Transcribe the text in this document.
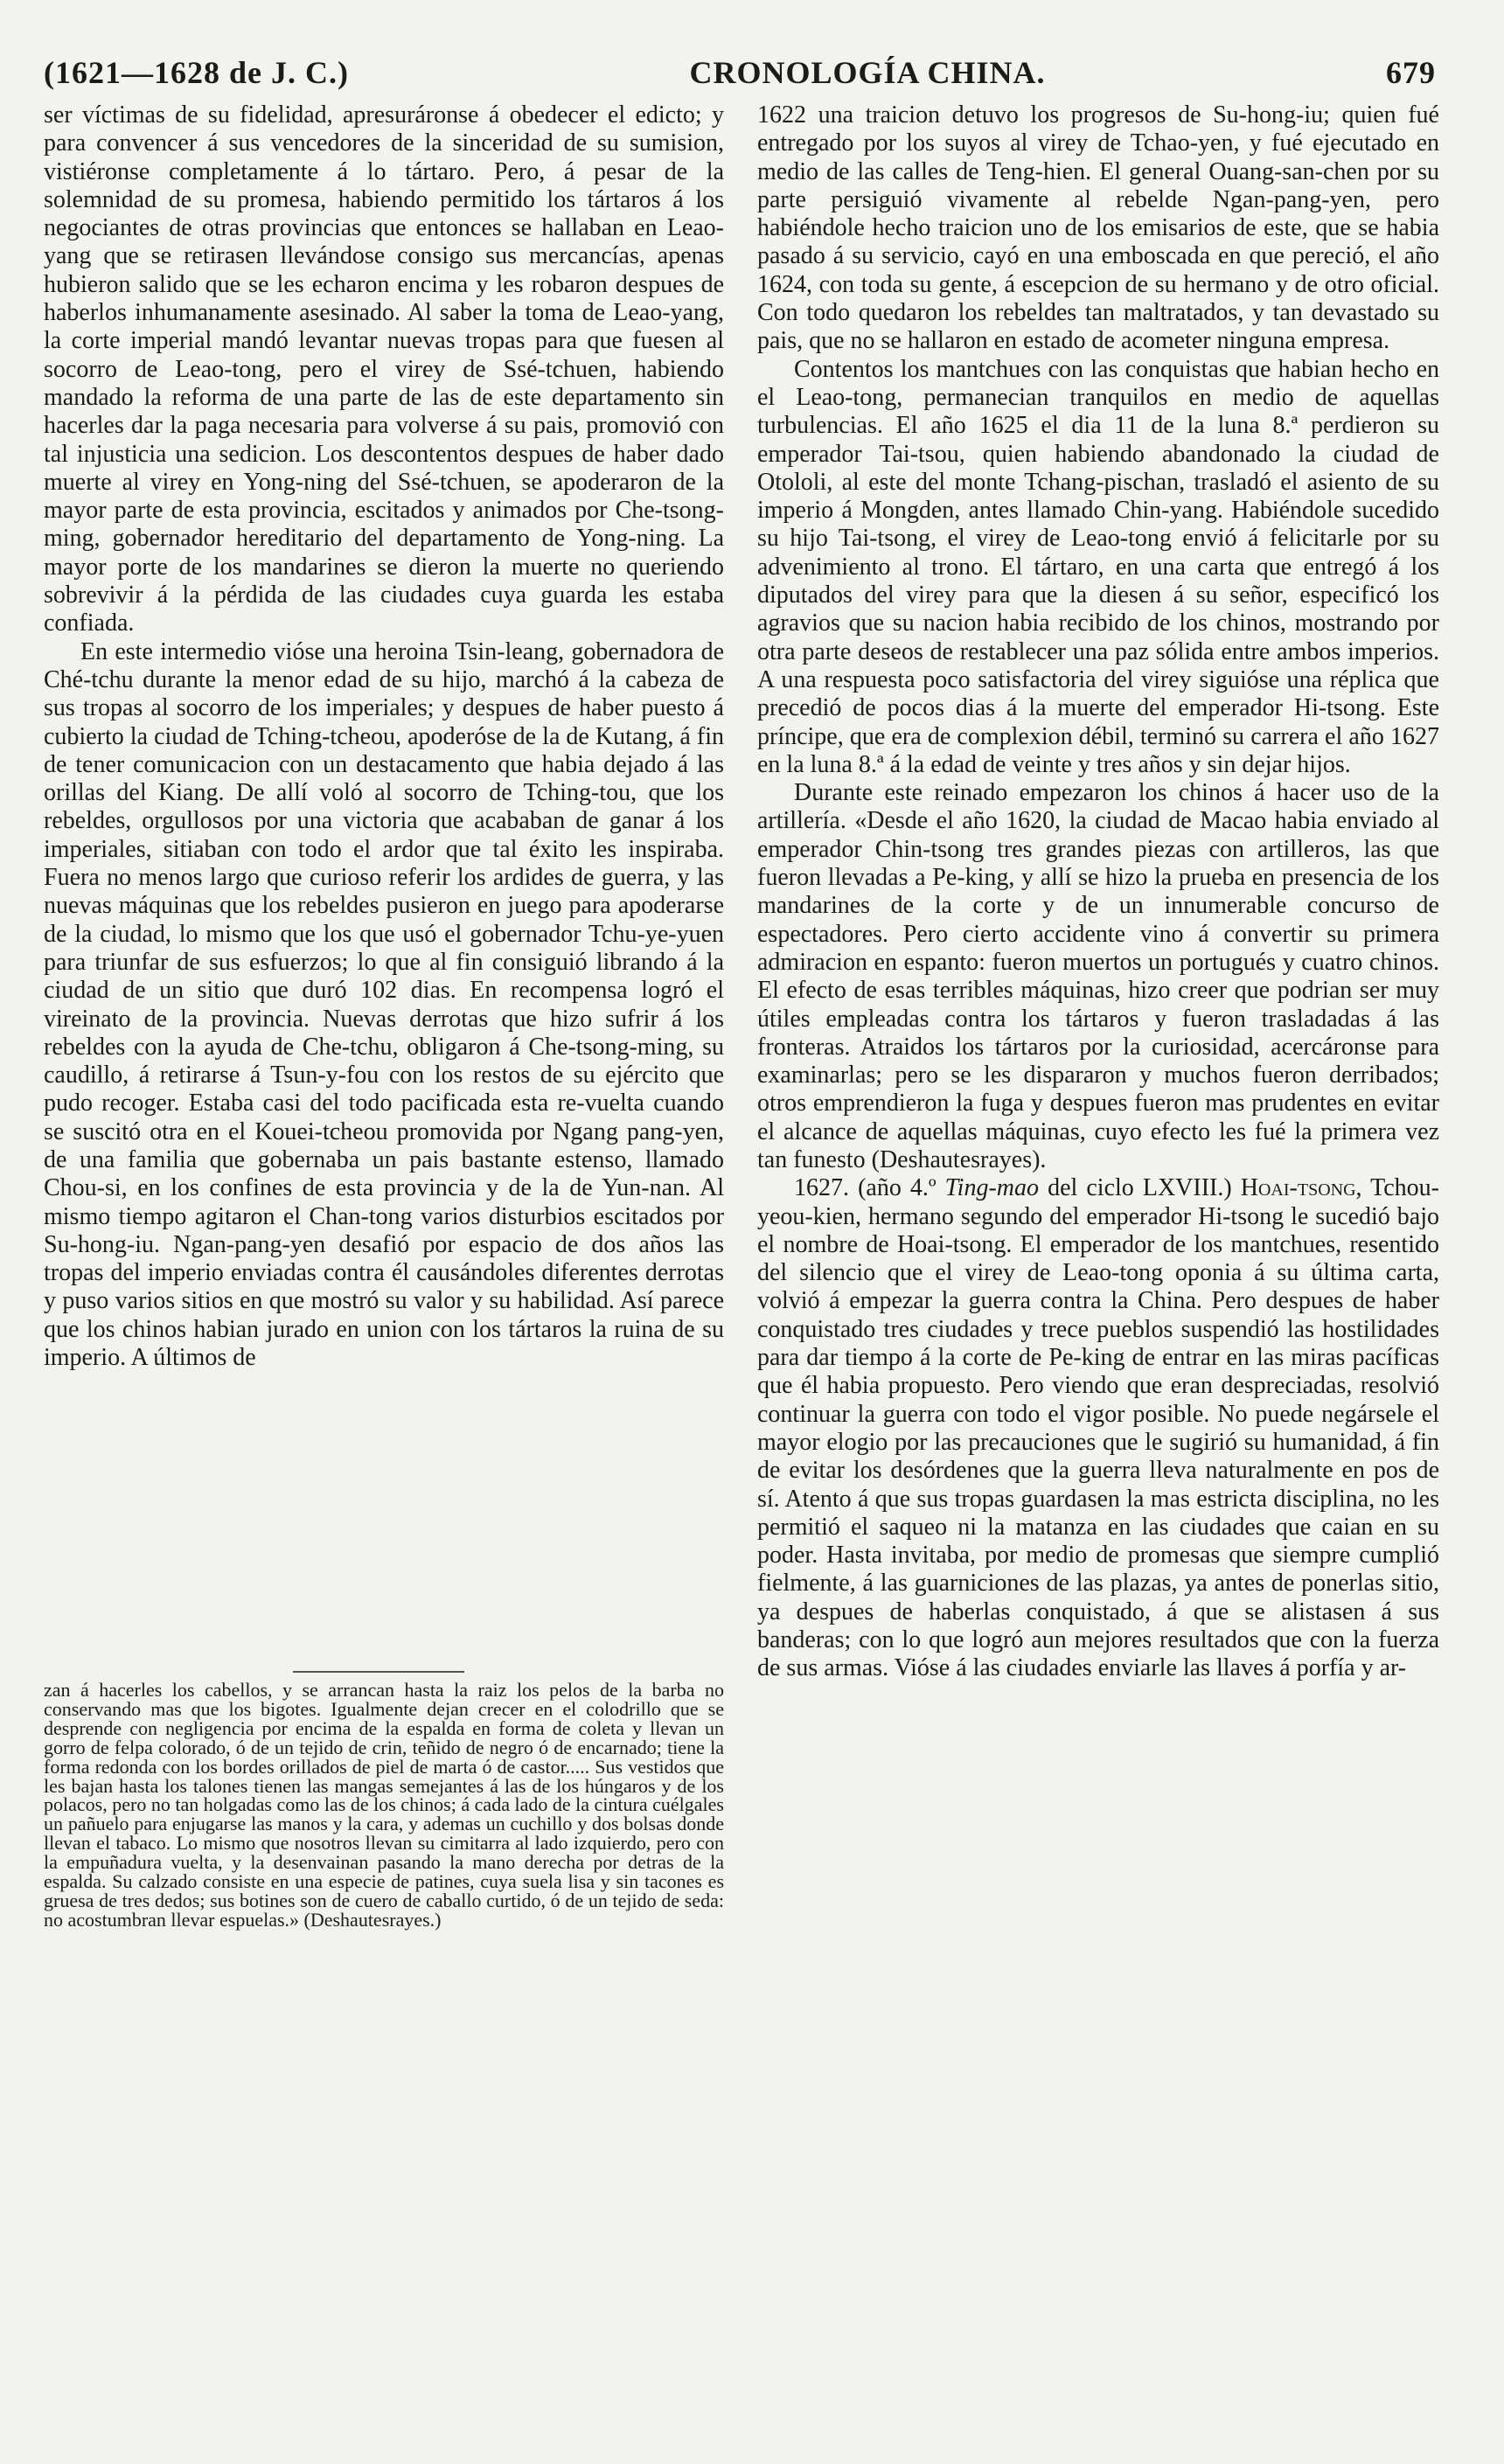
(1621—1628 de J. C.)	CRONOLOGÍA CHINA.	679

ser víctimas de su fidelidad, apresuráronse á obedecer el edicto; y para convencer á sus vencedores de la sinceridad de su sumision, vistiéronse completamente á lo tártaro. Pero, á pesar de la solemnidad de su promesa, habiendo permitido los tártaros á los negociantes de otras provincias que entonces se hallaban en Leao-yang que se retirasen llevándose consigo sus mercancías, apenas hubieron salido que se les echaron encima y les robaron despues de haberlos inhumanamente asesinado. Al saber la toma de Leao-yang, la corte imperial mandó levantar nuevas tropas para que fuesen al socorro de Leao-tong, pero el virey de Ssé-tchuen, habiendo mandado la reforma de una parte de las de este departamento sin hacerles dar la paga necesaria para volverse á su pais, promovió con tal injusticia una sedicion. Los descontentos despues de haber dado muerte al virey en Yong-ning del Ssé-tchuen, se apoderaron de la mayor parte de esta provincia, escitados y animados por Che-tsong-ming, gobernador hereditario del departamento de Yong-ning. La mayor porte de los mandarines se dieron la muerte no queriendo sobrevivir á la pérdida de las ciudades cuya guarda les estaba confiada.

En este intermedio vióse una heroina Tsin-leang, gobernadora de Ché-tchu durante la menor edad de su hijo, marchó á la cabeza de sus tropas al socorro de los imperiales; y despues de haber puesto á cubierto la ciudad de Tching-tcheou, apoderóse de la de Kutang, á fin de tener comunicacion con un destacamento que habia dejado á las orillas del Kiang. De allí voló al socorro de Tching-tou, que los rebeldes, orgullosos por una victoria que acababan de ganar á los imperiales, sitiaban con todo el ardor que tal éxito les inspiraba. Fuera no menos largo que curioso referir los ardides de guerra, y las nuevas máquinas que los rebeldes pusieron en juego para apoderarse de la ciudad, lo mismo que los que usó el gobernador Tchu-ye-yuen para triunfar de sus esfuerzos; lo que al fin consiguió librando á la ciudad de un sitio que duró 102 dias. En recompensa logró el vireinato de la provincia. Nuevas derrotas que hizo sufrir á los rebeldes con la ayuda de Che-tchu, obligaron á Che-tsong-ming, su caudillo, á retirarse á Tsun-y-fou con los restos de su ejército que pudo recoger. Estaba casi del todo pacificada esta re-vuelta cuando se suscitó otra en el Kouei-tcheou promovida por Ngang pang-yen, de una familia que gobernaba un pais bastante estenso, llamado Chou-si, en los confines de esta provincia y de la de Yun-nan. Al mismo tiempo agitaron el Chan-tong varios disturbios escitados por Su-hong-iu. Ngan-pang-yen desafió por espacio de dos años las tropas del imperio enviadas contra él causándoles diferentes derrotas y puso varios sitios en que mostró su valor y su habilidad. Así parece que los chinos habian jurado en union con los tártaros la ruina de su imperio. A últimos de

zan á hacerles los cabellos, y se arrancan hasta la raiz los pelos de la barba no conservando mas que los bigotes. Igualmente dejan crecer en el colodrillo que se desprende con negligencia por encima de la espalda en forma de coleta y llevan un gorro de felpa colorado, ó de un tejido de crin, teñido de negro ó de encarnado; tiene la forma redonda con los bordes orillados de piel de marta ó de castor..... Sus vestidos que les bajan hasta los talones tienen las mangas semejantes á las de los húngaros y de los polacos, pero no tan holgadas como las de los chinos; á cada lado de la cintura cuélgales un pañuelo para enjugarse las manos y la cara, y ademas un cuchillo y dos bolsas donde llevan el tabaco. Lo mismo que nosotros llevan su cimitarra al lado izquierdo, pero con la empuñadura vuelta, y la desenvainan pasando la mano derecha por detras de la espalda. Su calzado consiste en una especie de patines, cuya suela lisa y sin tacones es gruesa de tres dedos; sus botines son de cuero de caballo curtido, ó de un tejido de seda: no acostumbran llevar espuelas.» (Deshautesrayes.)

1622 una traicion detuvo los progresos de Su-hong-iu; quien fué entregado por los suyos al virey de Tchao-yen, y fué ejecutado en medio de las calles de Teng-hien. El general Ouang-san-chen por su parte persiguió vivamente al rebelde Ngan-pang-yen, pero habiéndole hecho traicion uno de los emisarios de este, que se habia pasado á su servicio, cayó en una emboscada en que pereció, el año 1624, con toda su gente, á escepcion de su hermano y de otro oficial. Con todo quedaron los rebeldes tan maltratados, y tan devastado su pais, que no se hallaron en estado de acometer ninguna empresa.

Contentos los mantchues con las conquistas que habian hecho en el Leao-tong, permanecian tranquilos en medio de aquellas turbulencias. El año 1625 el dia 11 de la luna 8.ª perdieron su emperador Tai-tsou, quien habiendo abandonado la ciudad de Otololi, al este del monte Tchang-pischan, trasladó el asiento de su imperio á Mongden, antes llamado Chin-yang. Habiéndole sucedido su hijo Tai-tsong, el virey de Leao-tong envió á felicitarle por su advenimiento al trono. El tártaro, en una carta que entregó á los diputados del virey para que la diesen á su señor, especificó los agravios que su nacion habia recibido de los chinos, mostrando por otra parte deseos de restablecer una paz sólida entre ambos imperios. A una respuesta poco satisfactoria del virey siguióse una réplica que precedió de pocos dias á la muerte del emperador Hi-tsong. Este príncipe, que era de complexion débil, terminó su carrera el año 1627 en la luna 8.ª á la edad de veinte y tres años y sin dejar hijos.

Durante este reinado empezaron los chinos á hacer uso de la artillería. «Desde el año 1620, la ciudad de Macao habia enviado al emperador Chin-tsong tres grandes piezas con artilleros, las que fueron llevadas a Pe-king, y allí se hizo la prueba en presencia de los mandarines de la corte y de un innumerable concurso de espectadores. Pero cierto accidente vino á convertir su primera admiracion en espanto: fueron muertos un portugués y cuatro chinos. El efecto de esas terribles máquinas, hizo creer que podrian ser muy útiles empleadas contra los tártaros y fueron trasladadas á las fronteras. Atraidos los tártaros por la curiosidad, acercáronse para examinarlas; pero se les dispararon y muchos fueron derribados; otros emprendieron la fuga y despues fueron mas prudentes en evitar el alcance de aquellas máquinas, cuyo efecto les fué la primera vez tan funesto (Deshautesrayes).

1627. (año 4.º Ting-mao del ciclo LXVIII.) Hoai-tsong, Tchou-yeou-kien, hermano segundo del emperador Hi-tsong le sucedió bajo el nombre de Hoai-tsong. El emperador de los mantchues, resentido del silencio que el virey de Leao-tong oponia á su última carta, volvió á empezar la guerra contra la China. Pero despues de haber conquistado tres ciudades y trece pueblos suspendió las hostilidades para dar tiempo á la corte de Pe-king de entrar en las miras pacíficas que él habia propuesto. Pero viendo que eran despreciadas, resolvió continuar la guerra con todo el vigor posible. No puede negársele el mayor elogio por las precauciones que le sugirió su humanidad, á fin de evitar los desórdenes que la guerra lleva naturalmente en pos de sí. Atento á que sus tropas guardasen la mas estricta disciplina, no les permitió el saqueo ni la matanza en las ciudades que caian en su poder. Hasta invitaba, por medio de promesas que siempre cumplió fielmente, á las guarniciones de las plazas, ya antes de ponerlas sitio, ya despues de haberlas conquistado, á que se alistasen á sus banderas; con lo que logró aun mejores resultados que con la fuerza de sus armas. Vióse á las ciudades enviarle las llaves á porfía y ar-
